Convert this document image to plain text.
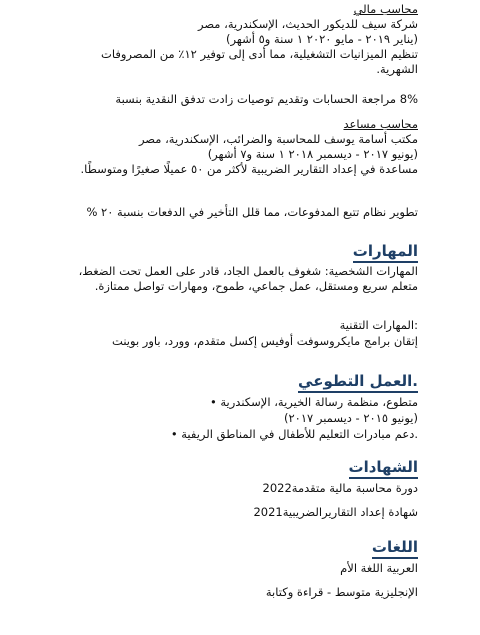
محاسب مالي
شركة سيف للديكور الحديث، الإسكندرية، مصر
(يناير ٢٠١٩ - مايو ٢٠٢٠ ١ سنة و٥ أشهر)
تنظيم الميزانيات التشغيلية، مما أدى إلى توفير ١٢٪ من المصروفات الشهرية.
8% مراجعة الحسابات وتقديم توصيات زادت تدفق النقدية بنسبة
محاسب مساعد
مكتب أسامة يوسف للمحاسبة والضرائب، الإسكندرية، مصر
(يونيو ٢٠١٧ - ديسمبر ٢٠١٨ ١ سنة و٧ أشهر)
مساعدة في إعداد التقارير الضريبية لأكثر من ٥٠ عميلًا صغيرًا ومتوسطًا.
تطوير نظام تتبع المدفوعات، مما قلل التأخير في الدفعات بنسبة ٢٠ %
المهارات
المهارات الشخصية: شغوف بالعمل الجاد، قادر على العمل تحت الضغط، متعلم سريع ومستقل، عمل جماعي، طموح، ومهارات تواصل ممتازة.
:المهارات التقنية
إتقان برامج مايكروسوفت أوفيس إكسل متقدم، وورد، باور بوينت
.العمل التطوعي
متطوع، منظمة رسالة الخيرية، الإسكندرية •
(يونيو ٢٠١٥ - ديسمبر ٢٠١٧)
.دعم مبادرات التعليم للأطفال في المناطق الريفية •
الشهادات
دورة محاسبة مالية متقدمة2022
شهادة إعداد التقاريرالضريبية2021
اللغات
العربية اللغة الأم
الإنجليزية متوسط - قراءة وكتابة
